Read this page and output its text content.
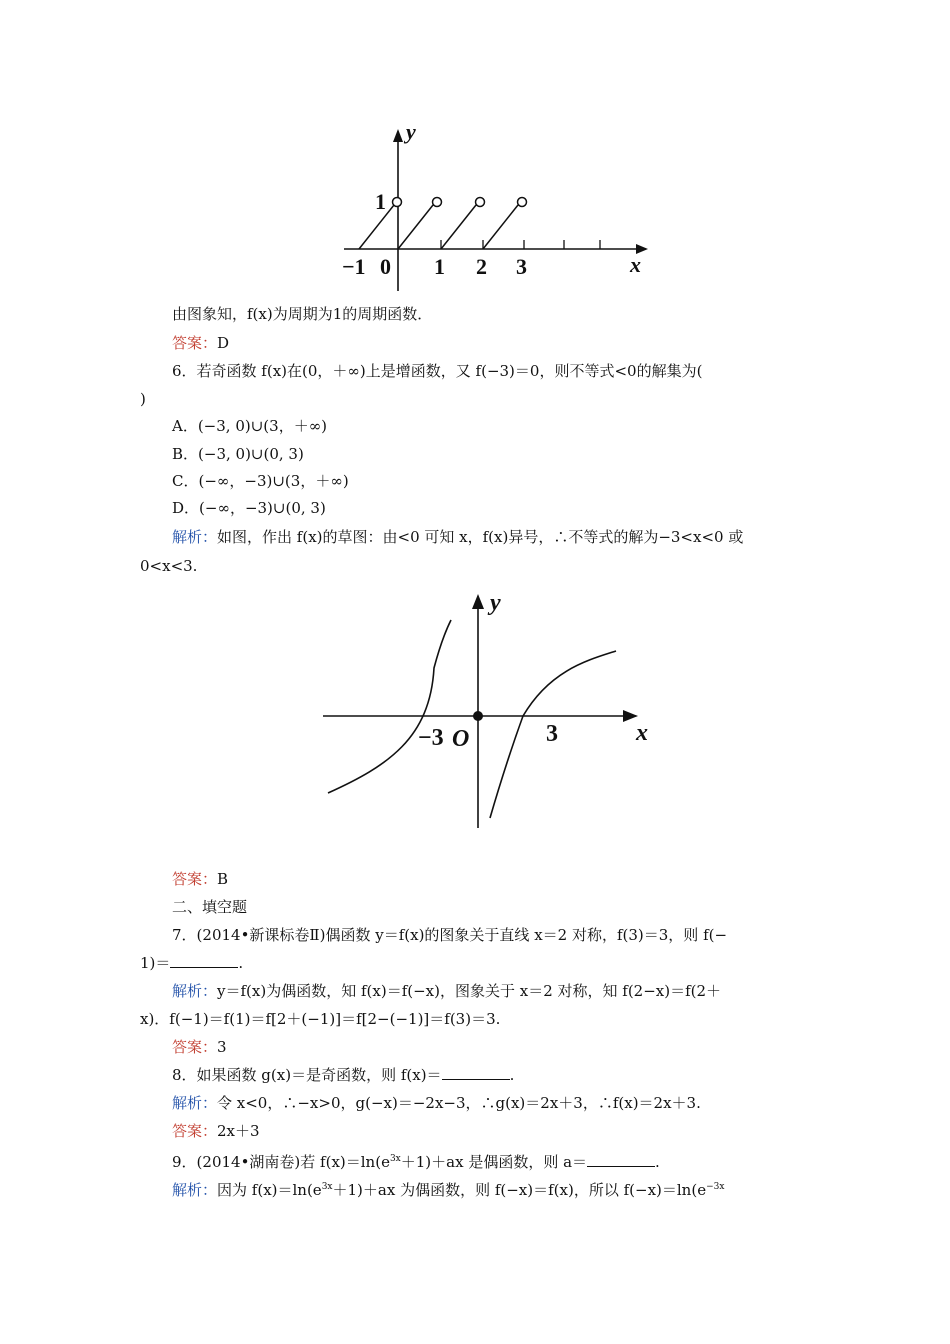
y
x
1
−1 0 1 2 3
由图象知，f(x)为周期为1的周期函数．
答案：D
6．若奇函数 f(x)在(0，＋∞)上是增函数，又 f(−3)＝0，则不等式<0的解集为(
)
A．(−3, 0)∪(3，＋∞)
B．(−3, 0)∪(0, 3)
C．(−∞，−3)∪(3，＋∞)
D．(−∞，−3)∪(0, 3)
解析：如图，作出 f(x)的草图：由<0 可知 x，f(x)异号，∴不等式的解为−3<x<0 或
0<x<3.
y
x
−3 O	3
答案：B
二、填空题
7．(2014•新课标卷Ⅱ)偶函数 y＝f(x)的图象关于直线 x＝2 对称，f(3)＝3，则 f(−
1)＝	.
解析：y＝f(x)为偶函数，知 f(x)＝f(−x)，图象关于 x＝2 对称，知 f(2−x)＝f(2＋
x)．f(−1)＝f(1)＝f[2＋(−1)]＝f[2−(−1)]＝f(3)＝3.
答案：3
8．如果函数 g(x)＝是奇函数，则 f(x)＝	.
解析：令 x<0，∴−x>0，g(−x)＝−2x−3，∴g(x)＝2x＋3，∴f(x)＝2x＋3.
答案：2x＋3
9．(2014•湖南卷)若 $f(x)=\ln(e^{3x}+1)+ax$ 是偶函数，则 a＝	.
解析：因为 $f(x)=\ln(e^{3x}+1)+ax$ 为偶函数，则 f(−x)＝f(x)，所以 $f(-x)=\ln(e^{-3x}$
